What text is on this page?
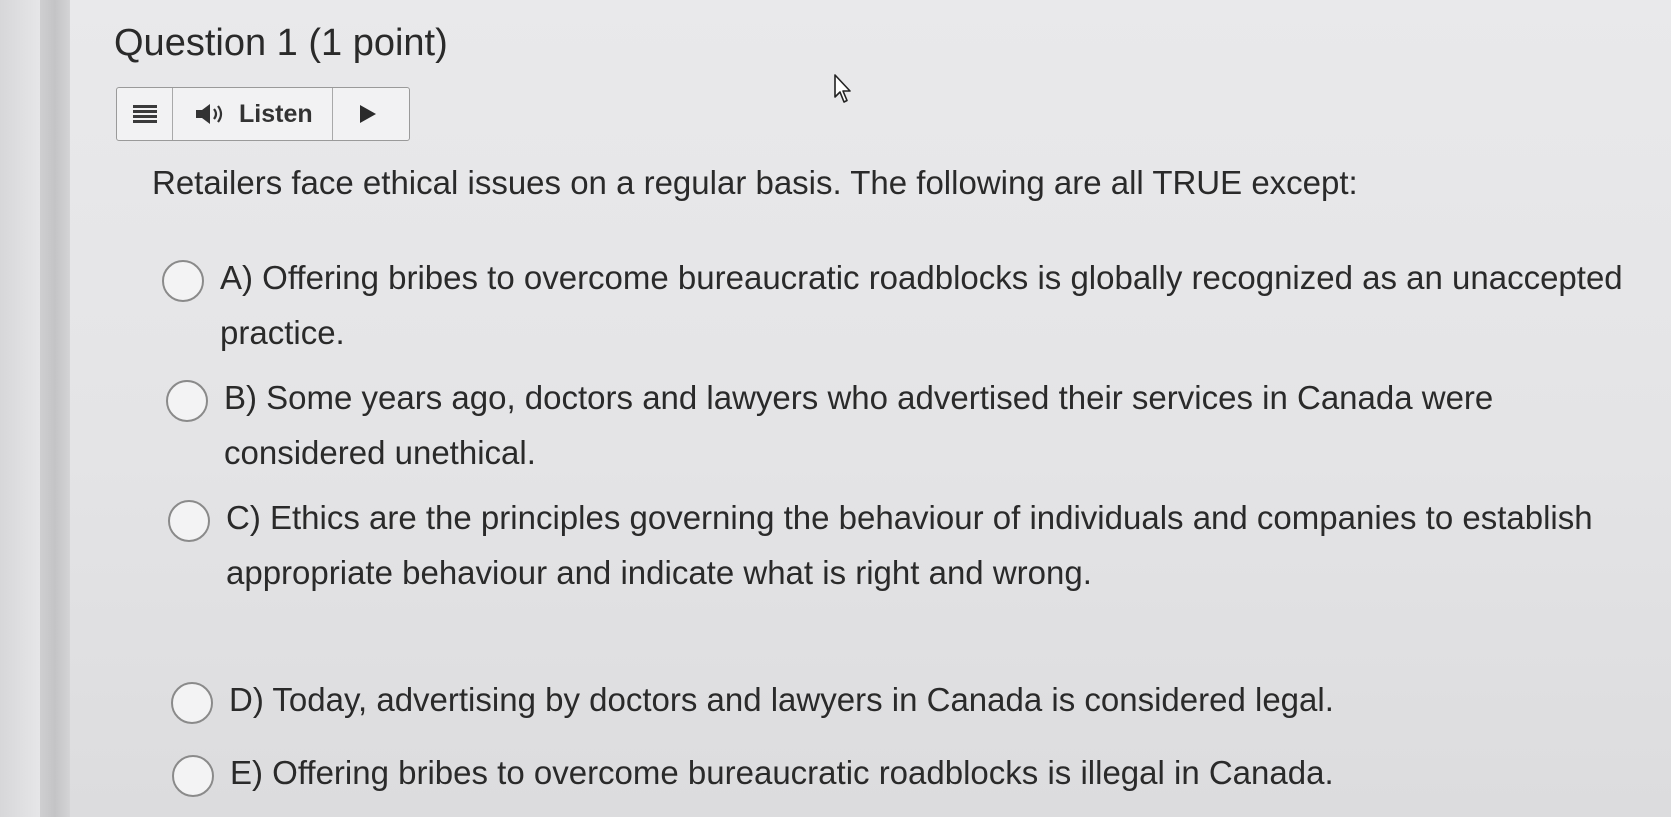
Question 1 (1 point)
Listen
Retailers face ethical issues on a regular basis. The following are all TRUE except:
A) Offering bribes to overcome bureaucratic roadblocks is globally recognized as an unaccepted practice.
B) Some years ago, doctors and lawyers who advertised their services in Canada were considered unethical.
C) Ethics are the principles governing the behaviour of individuals and companies to establish appropriate behaviour and indicate what is right and wrong.
D) Today, advertising by doctors and lawyers in Canada is considered legal.
E) Offering bribes to overcome bureaucratic roadblocks is illegal in Canada.
